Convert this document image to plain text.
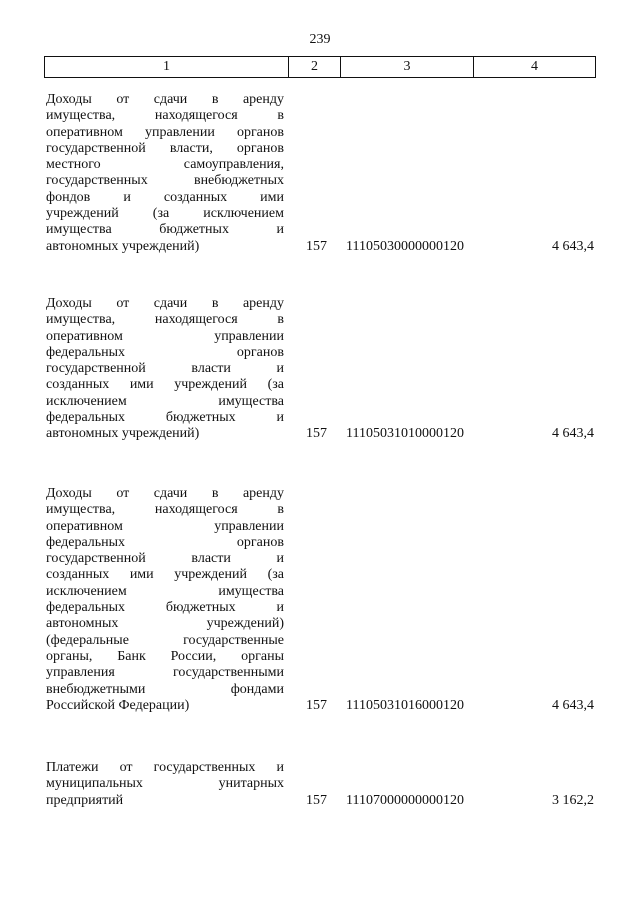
239
1	2	3	4
Доходы от сдачи в аренду
имущества, находящегося в
оперативном управлении органов
государственной власти, органов
местного самоуправления,
государственных внебюджетных
фондов и созданных ими
учреждений (за исключением
имущества бюджетных и
автономных учреждений)	157 11105030000000120	4 643,4
Доходы от сдачи в аренду
имущества, находящегося в
оперативном управлении
федеральных органов
государственной власти и
созданных ими учреждений (за
исключением имущества
федеральных бюджетных и
автономных учреждений)	157 11105031010000120	4 643,4
Доходы от сдачи в аренду
имущества, находящегося в
оперативном управлении
федеральных органов
государственной власти и
созданных ими учреждений (за
исключением имущества
федеральных бюджетных и
автономных учреждений)
(федеральные государственные
органы, Банк России, органы
управления государственными
внебюджетными фондами
Российской Федерации)	157 11105031016000120	4 643,4
Платежи от государственных и
муниципальных унитарных
предприятий	157 11107000000000120	3 162,2
